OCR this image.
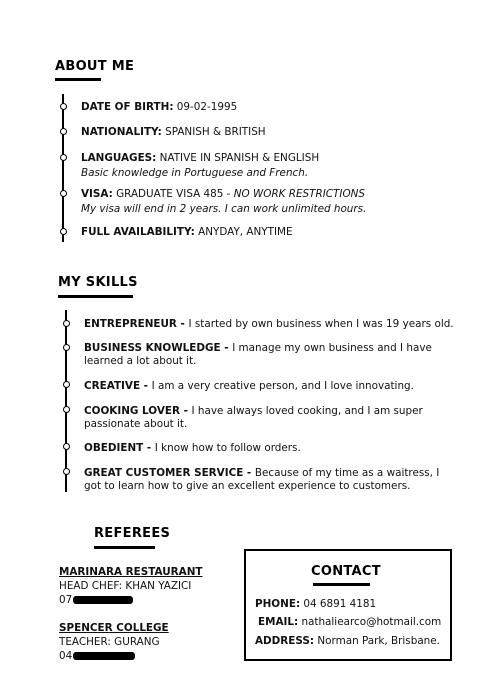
ABOUT ME
DATE OF BIRTH: 09-02-1995
NATIONALITY: SPANISH & BRITISH
LANGUAGES: NATIVE IN SPANISH & ENGLISH
Basic knowledge in Portuguese and French.
VISA: GRADUATE VISA 485 - NO WORK RESTRICTIONS
My visa will end in 2 years. I can work unlimited hours.
FULL AVAILABILITY: ANYDAY, ANYTIME
MY SKILLS
ENTREPRENEUR - I started by own business when I was 19 years old.
BUSINESS KNOWLEDGE - I manage my own business and I have learned a lot about it.
CREATIVE - I am a very creative person, and I love innovating.
COOKING LOVER - I have always loved cooking, and I am super passionate about it.
OBEDIENT - I know how to follow orders.
GREAT CUSTOMER SERVICE - Because of my time as a waitress, I got to learn how to give an excellent experience to customers.
REFEREES
MARINARA RESTAURANT
HEAD CHEF: KHAN YAZICI
07
SPENCER COLLEGE
TEACHER: GURANG
04
CONTACT
PHONE: 04 6891 4181
EMAIL: nathaliearco@hotmail.com
ADDRESS: Norman Park, Brisbane.
